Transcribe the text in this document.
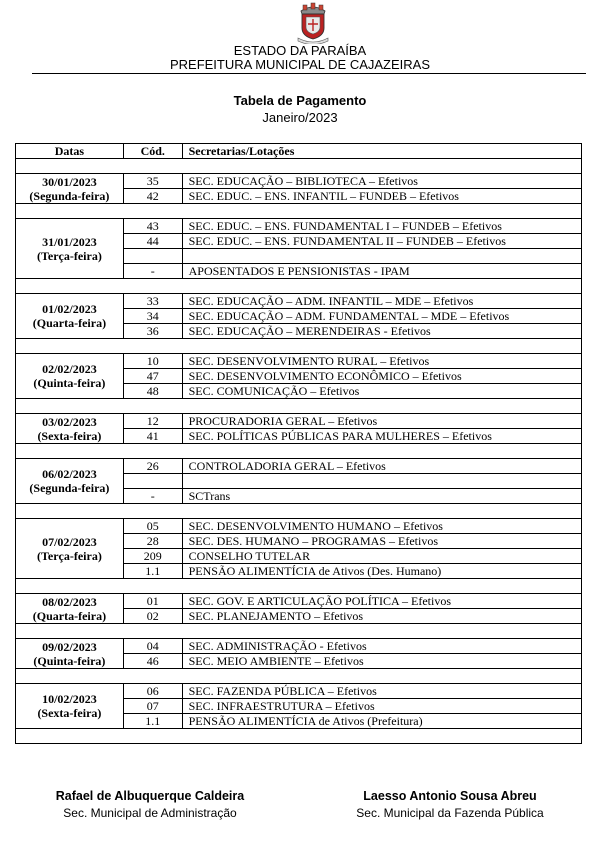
ESTADO DA PARAÍBA
PREFEITURA MUNICIPAL DE CAJAZEIRAS
Tabela de Pagamento
Janeiro/2023
Datas	Cód.	Secretarias/Lotações

30/01/2023
(Segunda-feira)	35	SEC. EDUCAÇÃO – BIBLIOTECA – Efetivos
	42	SEC. EDUC. – ENS. INFANTIL – FUNDEB – Efetivos

31/01/2023
(Terça-feira)	43	SEC. EDUC. – ENS. FUNDAMENTAL I – FUNDEB – Efetivos
	44	SEC. EDUC. – ENS. FUNDAMENTAL II – FUNDEB – Efetivos

	-	APOSENTADOS E PENSIONISTAS - IPAM

01/02/2023
(Quarta-feira)	33	SEC. EDUCAÇÃO – ADM. INFANTIL – MDE – Efetivos
	34	SEC. EDUCAÇÃO – ADM. FUNDAMENTAL – MDE – Efetivos
	36	SEC. EDUCAÇÃO – MERENDEIRAS - Efetivos

02/02/2023
(Quinta-feira)	10	SEC. DESENVOLVIMENTO RURAL – Efetivos
	47	SEC. DESENVOLVIMENTO ECONÔMICO – Efetivos
	48	SEC. COMUNICAÇÃO – Efetivos

03/02/2023
(Sexta-feira)	12	PROCURADORIA GERAL – Efetivos
	41	SEC. POLÍTICAS PÚBLICAS PARA MULHERES – Efetivos

06/02/2023
(Segunda-feira)	26	CONTROLADORIA GERAL – Efetivos

	-	SCTrans

07/02/2023
(Terça-feira)	05	SEC. DESENVOLVIMENTO HUMANO – Efetivos
	28	SEC. DES. HUMANO – PROGRAMAS – Efetivos
	209	CONSELHO TUTELAR
	1.1	PENSÃO ALIMENTÍCIA de Ativos (Des. Humano)

08/02/2023
(Quarta-feira)	01	SEC. GOV. E ARTICULAÇÃO POLÍTICA – Efetivos
	02	SEC. PLANEJAMENTO – Efetivos

09/02/2023
(Quinta-feira)	04	SEC. ADMINISTRAÇÃO - Efetivos
	46	SEC. MEIO AMBIENTE – Efetivos

10/02/2023
(Sexta-feira)	06	SEC. FAZENDA PÚBLICA – Efetivos
	07	SEC. INFRAESTRUTURA – Efetivos
	1.1	PENSÃO ALIMENTÍCIA de Ativos (Prefeitura)

Rafael de Albuquerque Caldeira
Sec. Municipal de Administração
Laesso Antonio Sousa Abreu
Sec. Municipal da Fazenda Pública
